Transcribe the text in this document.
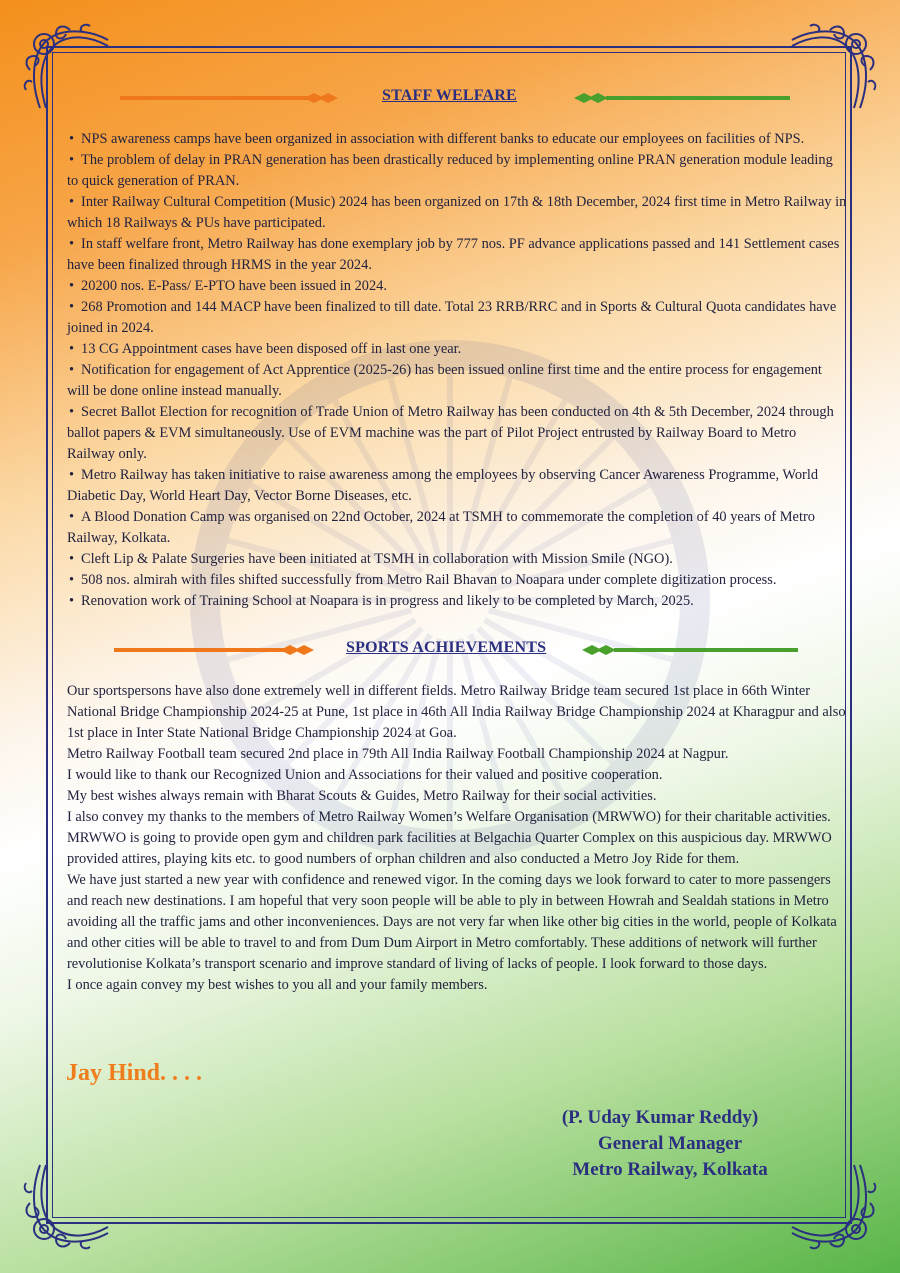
STAFF WELFARE
• NPS awareness camps have been organized in association with different banks to educate our employees on facilities of NPS.
• The problem of delay in PRAN generation has been drastically reduced by implementing online PRAN generation module leading to quick generation of PRAN.
• Inter Railway Cultural Competition (Music) 2024 has been organized on 17th & 18th December, 2024 first time in Metro Railway in which 18 Railways & PUs have participated.
• In staff welfare front, Metro Railway has done exemplary job by 777 nos. PF advance applications passed and 141 Settlement cases have been finalized through HRMS in the year 2024.
• 20200 nos. E-Pass/ E-PTO have been issued in 2024.
• 268 Promotion and 144 MACP have been finalized to till date. Total 23 RRB/RRC and in Sports & Cultural Quota candidates have joined in 2024.
• 13 CG Appointment cases have been disposed off in last one year.
• Notification for engagement of Act Apprentice (2025-26) has been issued online first time and the entire process for engagement will be done online instead manually.
• Secret Ballot Election for recognition of Trade Union of Metro Railway has been conducted on 4th & 5th December, 2024 through ballot papers & EVM simultaneously. Use of EVM machine was the part of Pilot Project entrusted by Railway Board to Metro Railway only.
• Metro Railway has taken initiative to raise awareness among the employees by observing Cancer Awareness Programme, World Diabetic Day, World Heart Day, Vector Borne Diseases, etc.
• A Blood Donation Camp was organised on 22nd October, 2024 at TSMH to commemorate the completion of 40 years of Metro Railway, Kolkata.
• Cleft Lip & Palate Surgeries have been initiated at TSMH in collaboration with Mission Smile (NGO).
• 508 nos. almirah with files shifted successfully from Metro Rail Bhavan to Noapara under complete digitization process.
• Renovation work of Training School at Noapara is in progress and likely to be completed by March, 2025.
SPORTS ACHIEVEMENTS

Our sportspersons have also done extremely well in different fields. Metro Railway Bridge team secured 1st place in 66th Winter National Bridge Championship 2024-25 at Pune, 1st place in 46th All India Railway Bridge Championship 2024 at Kharagpur and also 1st place in Inter State National Bridge Championship 2024 at Goa.

Metro Railway Football team secured 2nd place in 79th All India Railway Football Championship 2024 at Nagpur.

I would like to thank our Recognized Union and Associations for their valued and positive cooperation.

My best wishes always remain with Bharat Scouts & Guides, Metro Railway for their social activities.

I also convey my thanks to the members of Metro Railway Women’s Welfare Organisation (MRWWO) for their charitable activities. MRWWO is going to provide open gym and children park facilities at Belgachia Quarter Complex on this auspicious day. MRWWO provided attires, playing kits etc. to good numbers of orphan children and also conducted a Metro Joy Ride for them.

We have just started a new year with confidence and renewed vigor. In the coming days we look forward to cater to more passengers and reach new destinations. I am hopeful that very soon people will be able to ply in between Howrah and Sealdah stations in Metro avoiding all the traffic jams and other inconveniences. Days are not very far when like other big cities in the world, people of Kolkata and other cities will be able to travel to and from Dum Dum Airport in Metro comfortably. These additions of network will further revolutionise Kolkata’s transport scenario and improve standard of living of lacks of people. I look forward to those days.

I once again convey my best wishes to you all and your family members.

Jay Hind. . . .
(P. Uday Kumar Reddy)
General Manager
Metro Railway, Kolkata
